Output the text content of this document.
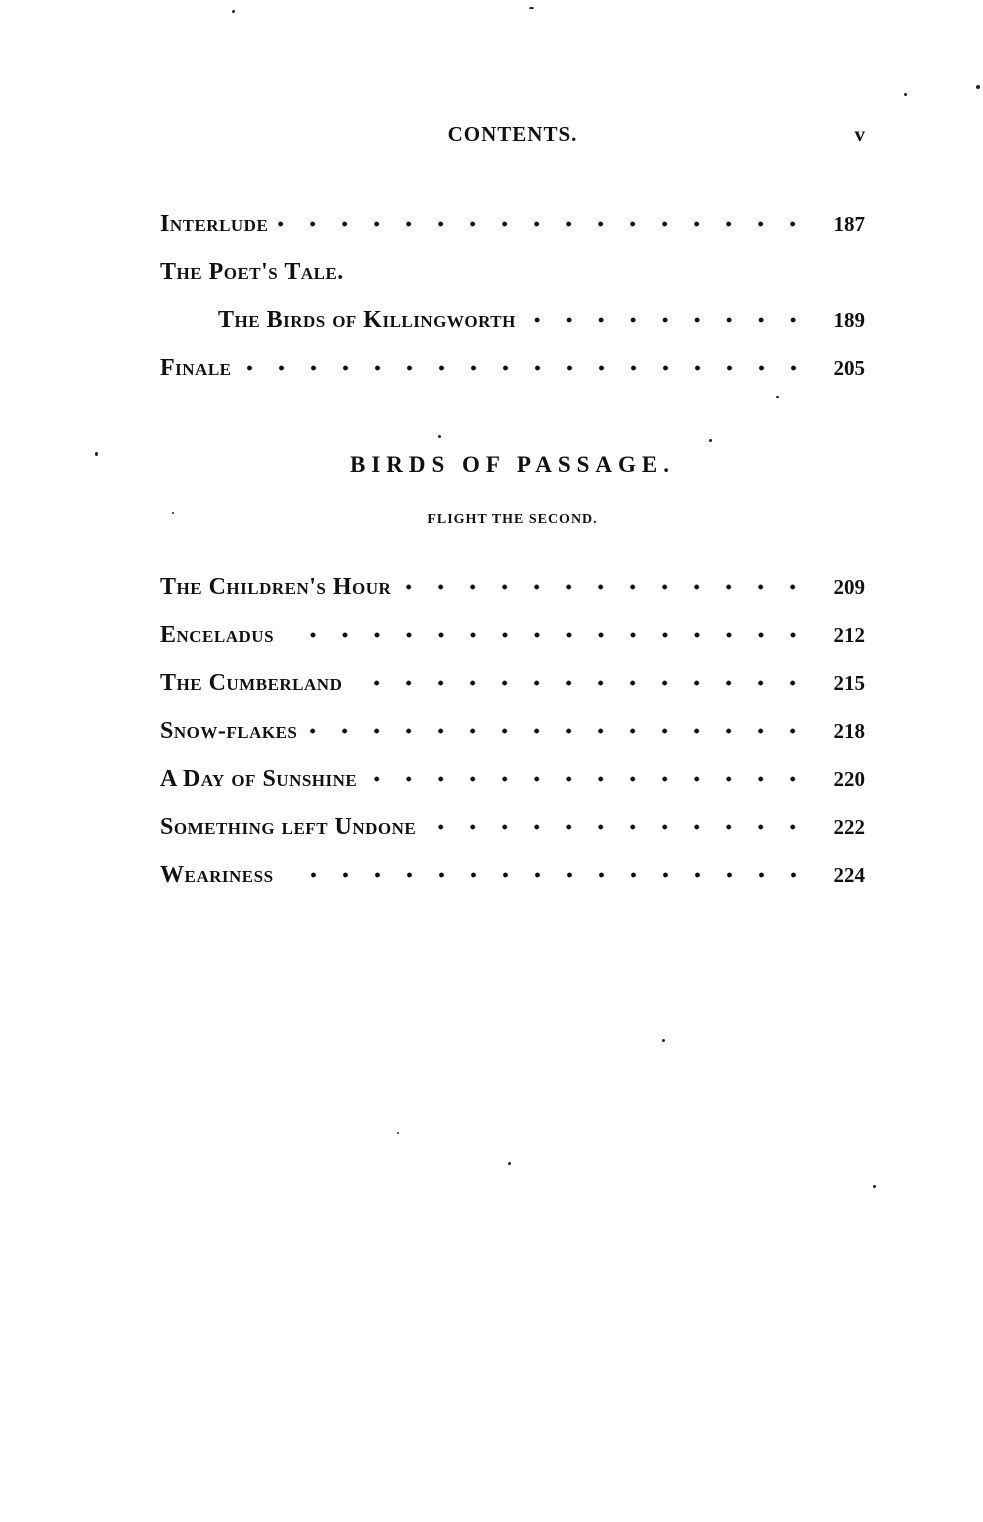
CONTENTS.	v
Interlude	187
The Poet's Tale.
The Birds of Killingworth	189
Finale	205
BIRDS OF PASSAGE.
FLIGHT THE SECOND.
The Children's Hour	209
Enceladus	212
The Cumberland	215
Snow-flakes	218
A Day of Sunshine	220
Something left Undone	222
Weariness	224
